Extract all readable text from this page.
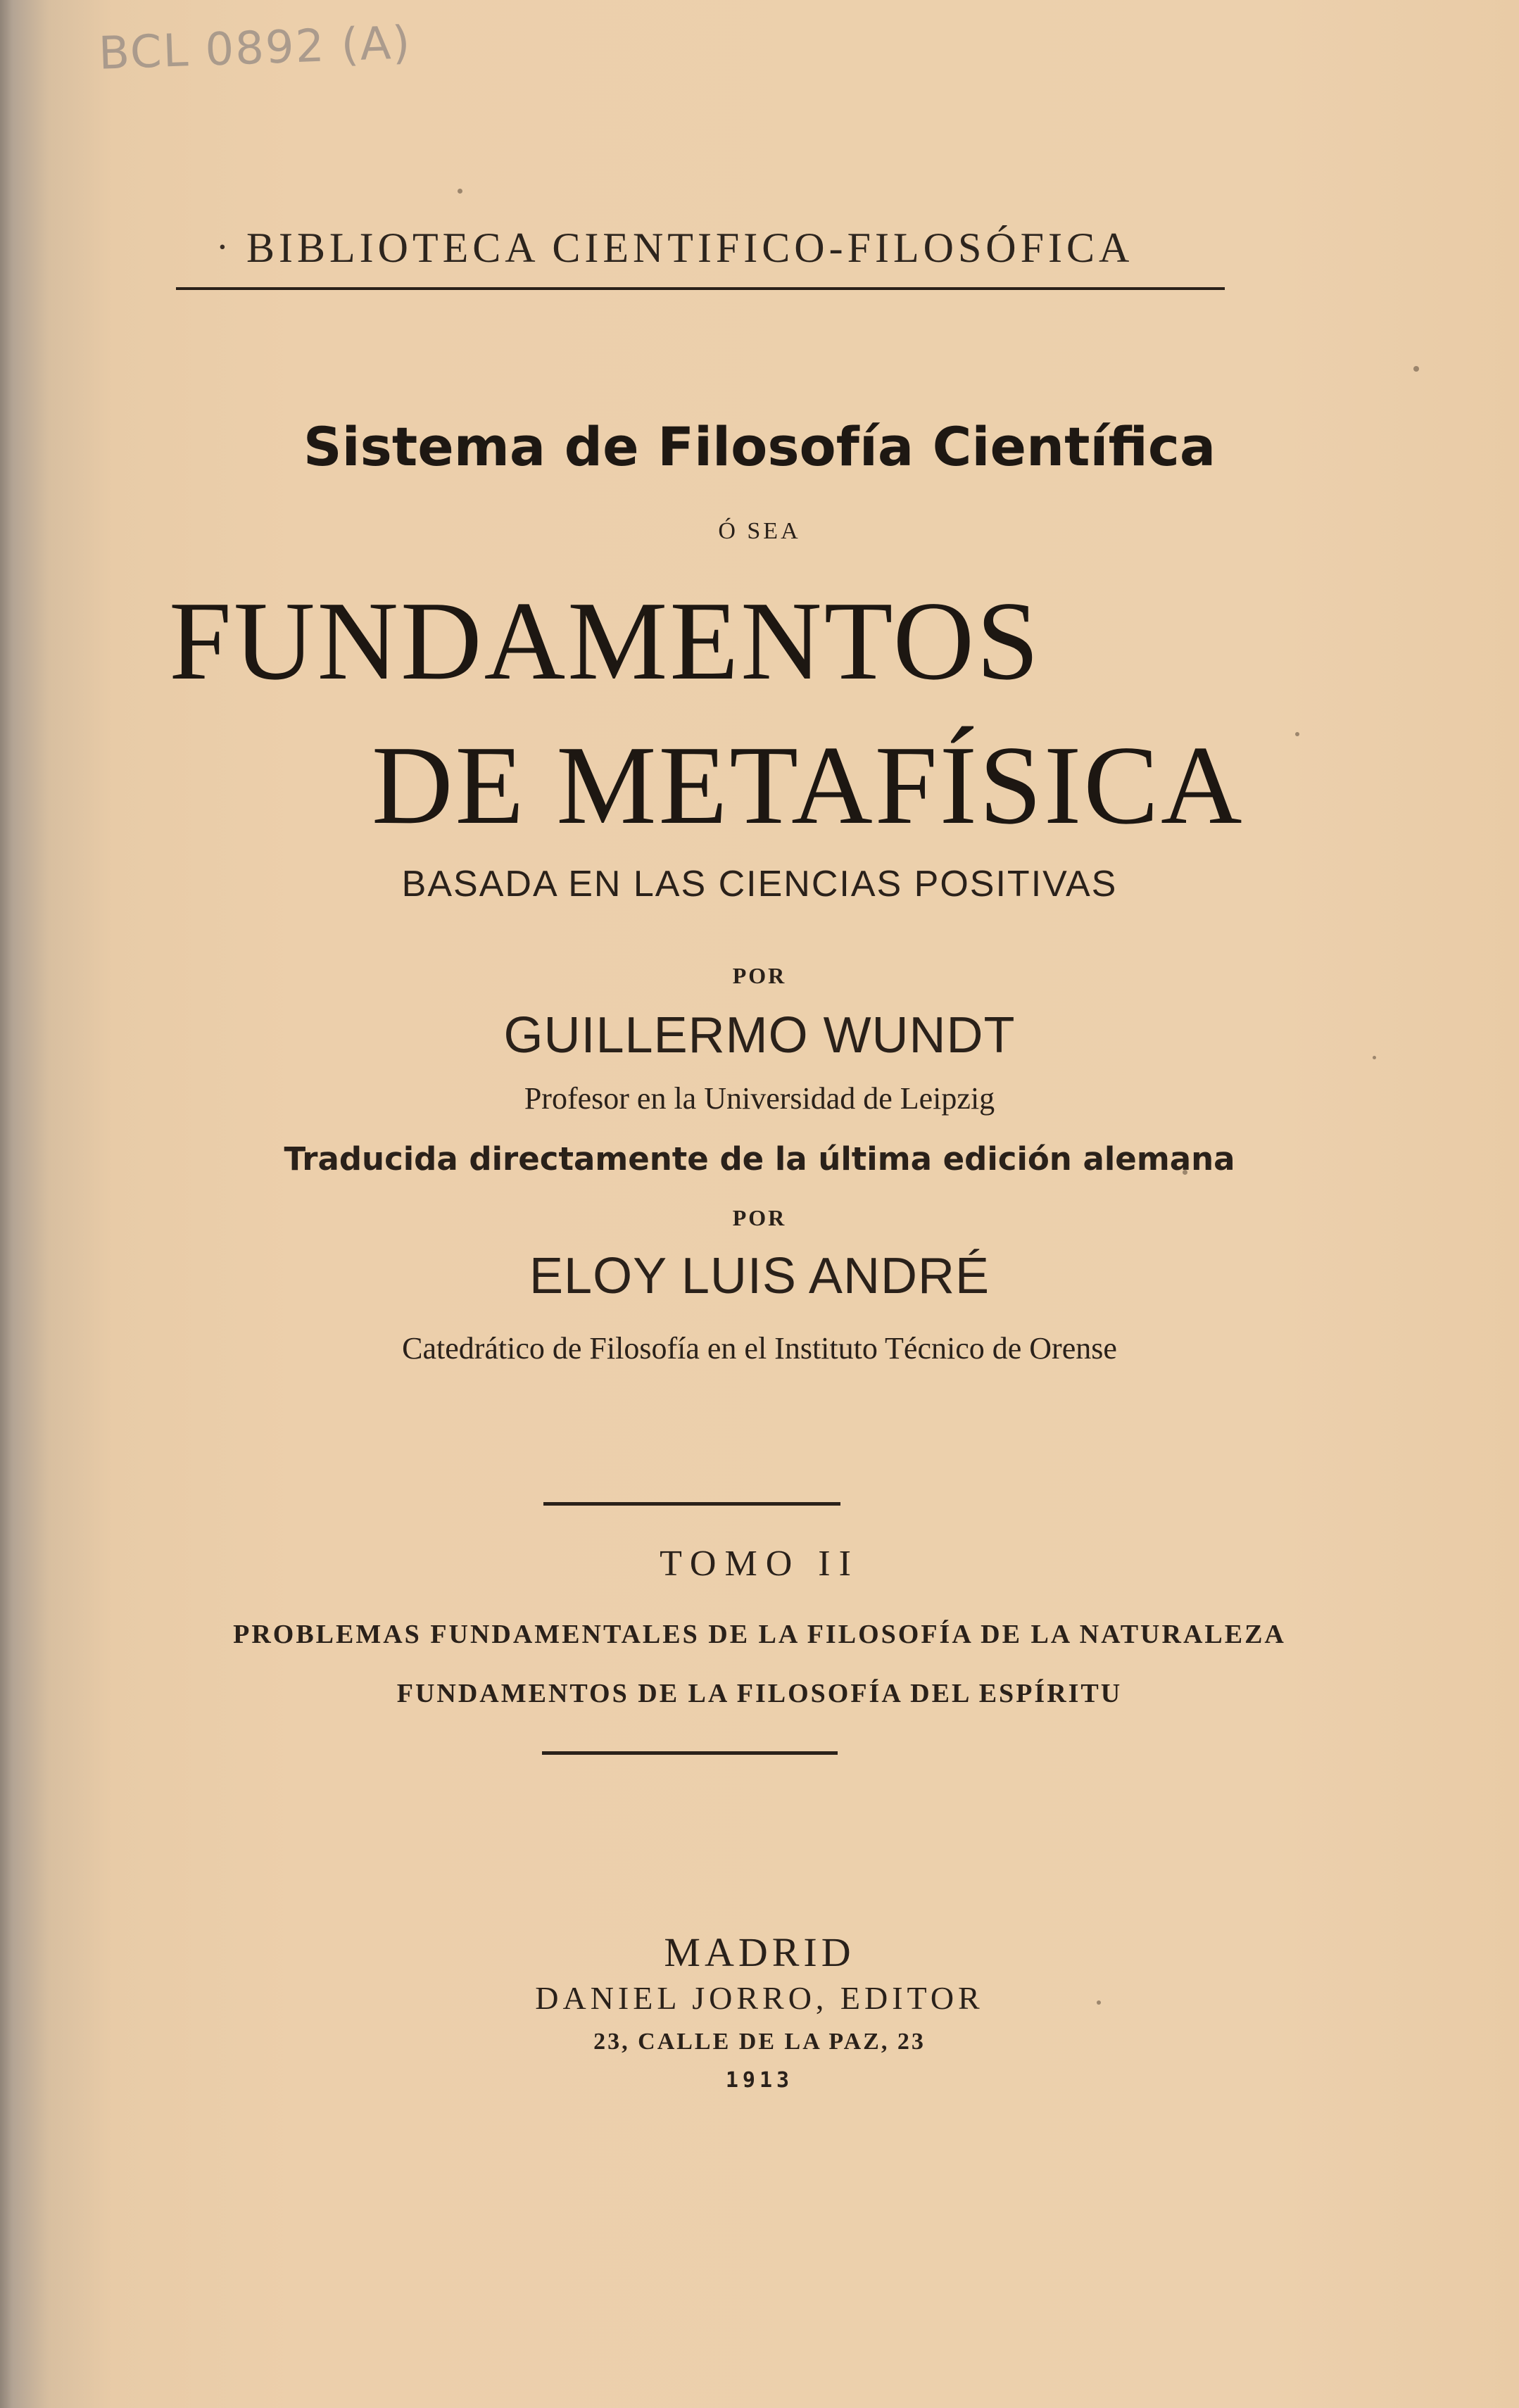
BCL 0892 (A)
· BIBLIOTECA CIENTIFICO-FILOSÓFICA
Sistema de Filosofía Científica
Ó SEA
FUNDAMENTOS
DE METAFÍSICA
BASADA EN LAS CIENCIAS POSITIVAS
POR
GUILLERMO WUNDT
Profesor en la Universidad de Leipzig
Traducida directamente de la última edición alemana
POR
ELOY LUIS ANDRÉ
Catedrático de Filosofía en el Instituto Técnico de Orense
TOMO II
PROBLEMAS FUNDAMENTALES DE LA FILOSOFÍA DE LA NATURALEZA
FUNDAMENTOS DE LA FILOSOFÍA DEL ESPÍRITU
MADRID
DANIEL JORRO, EDITOR
23, CALLE DE LA PAZ, 23
1913
